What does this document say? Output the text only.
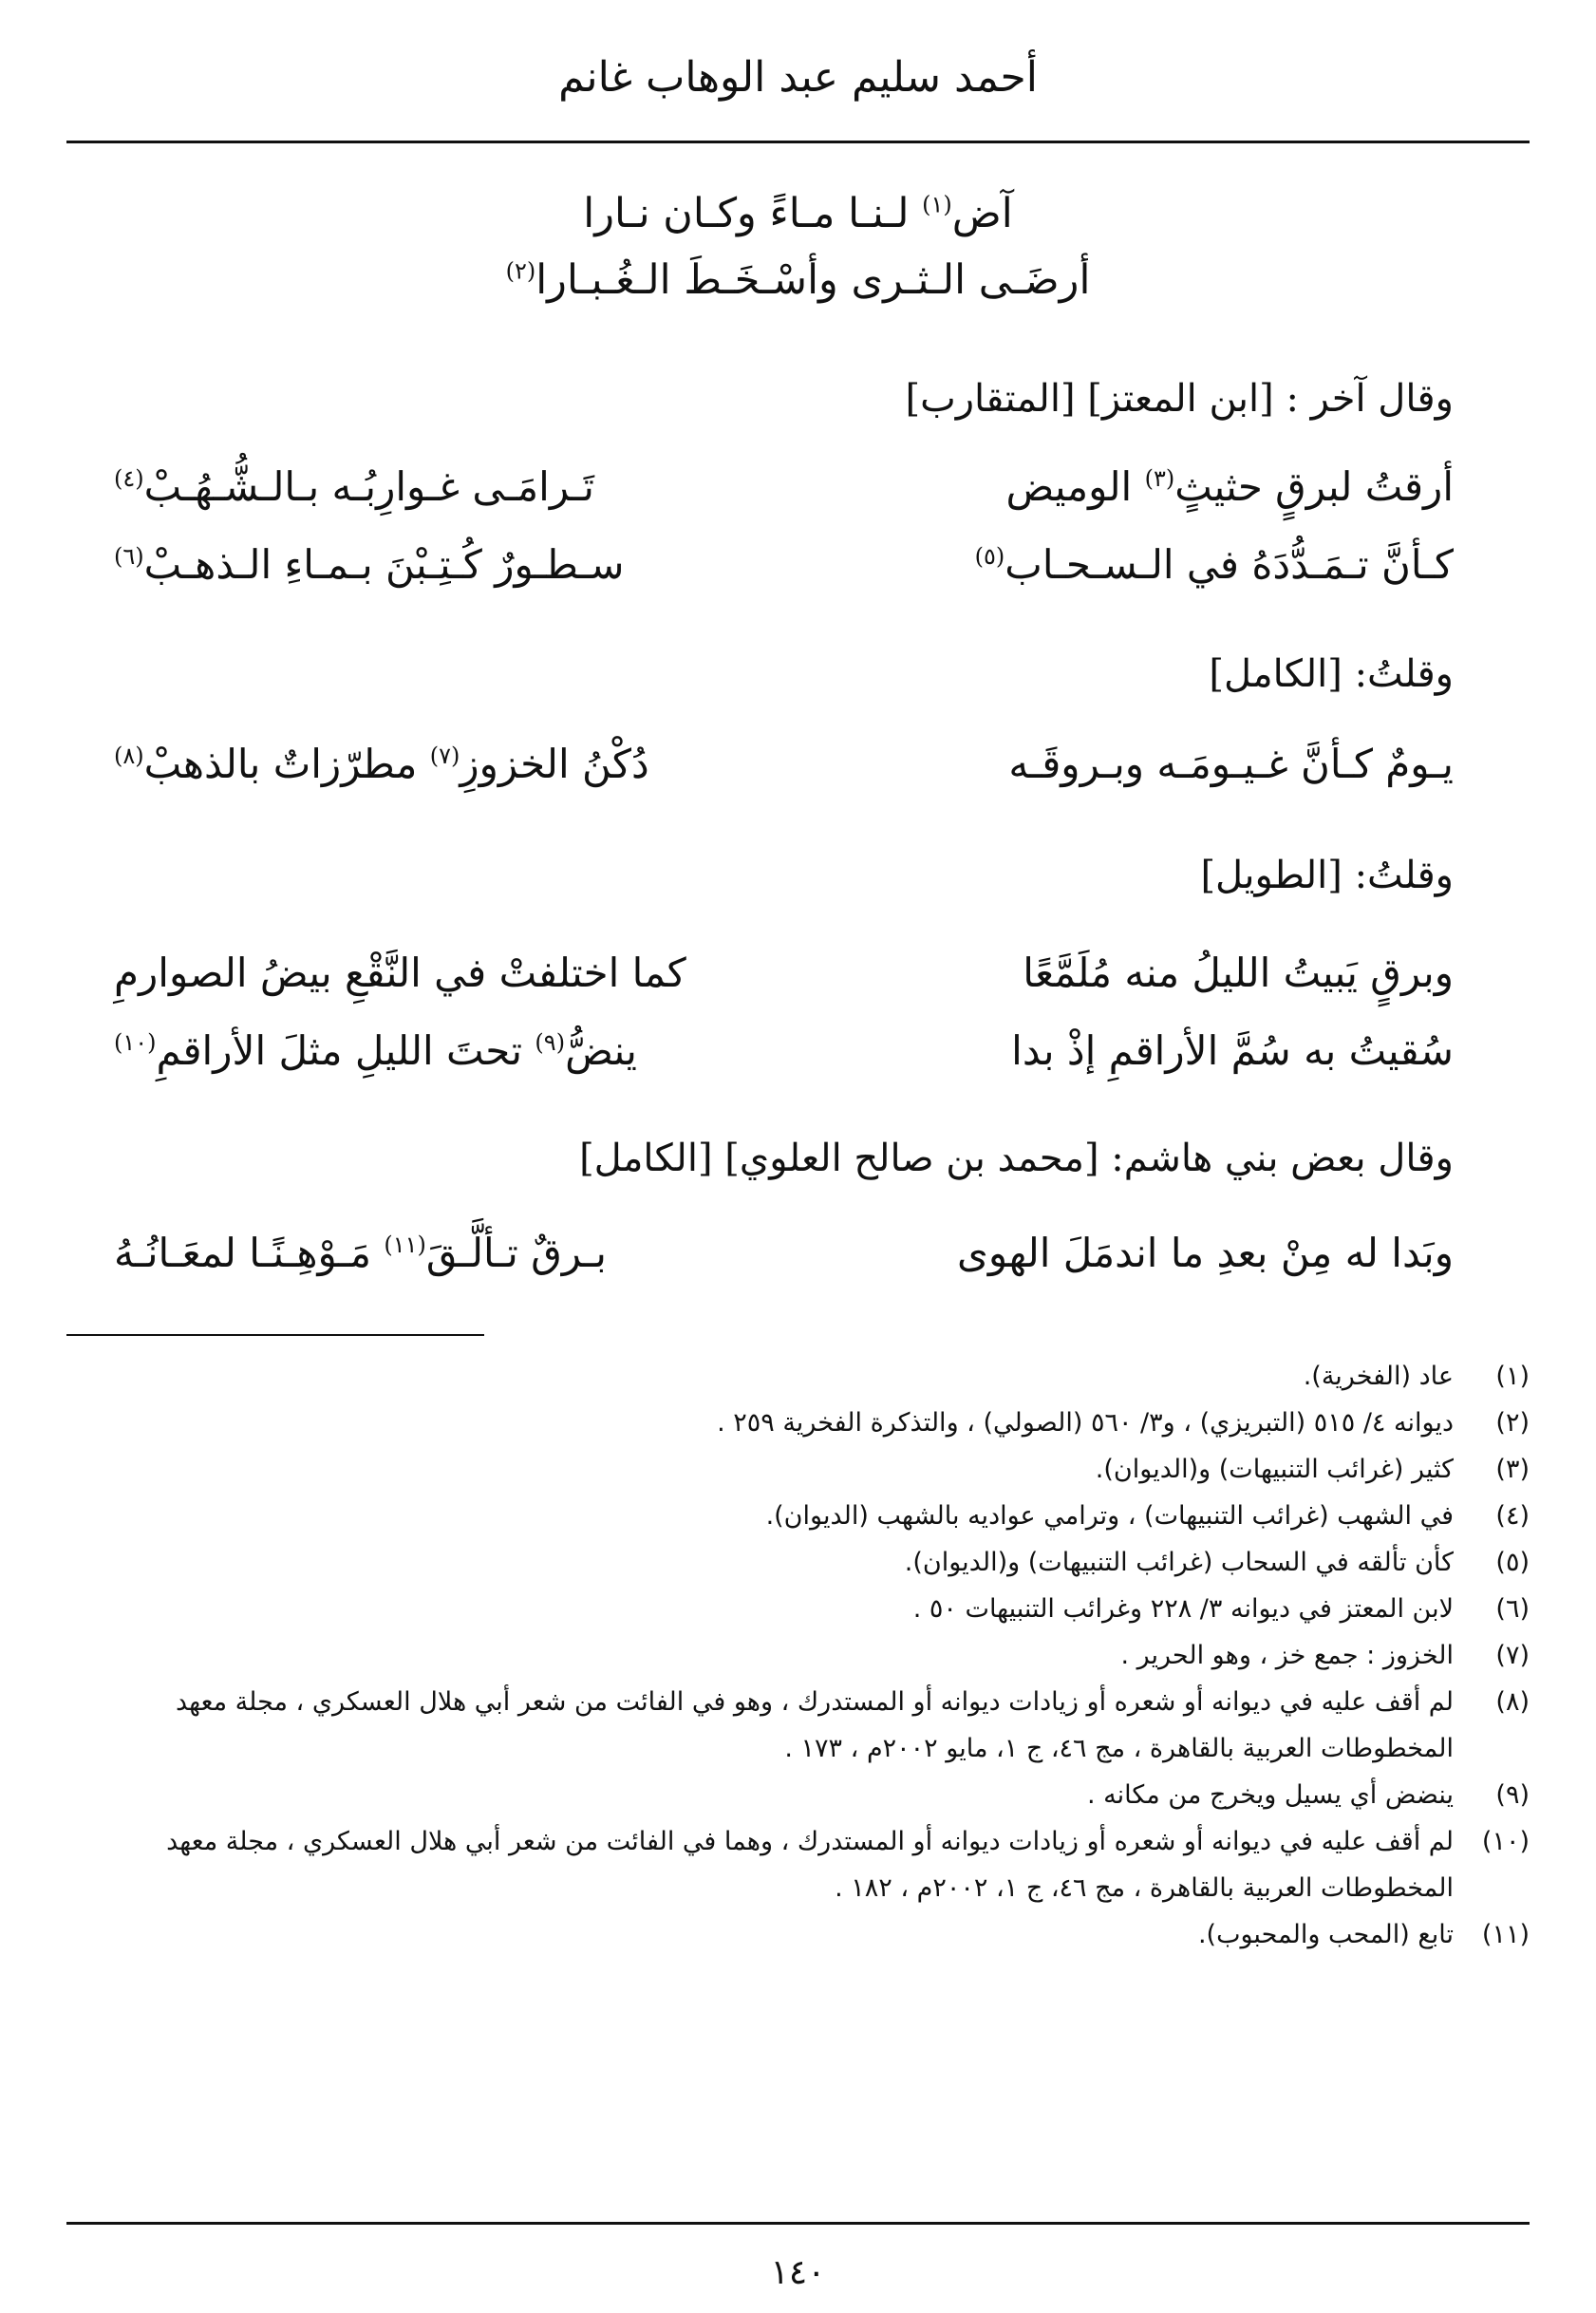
أحمد سليم عبد الوهاب غانم
آض$^{(١)}$ لـنـا مـاءً وكـان نـارا
أرضَـى الـثـرى وأسْـخَـطَ الـغُـبـارا$^{(٢)}$
وقال آخر : [ابن المعتز] [المتقارب]
أرقتُ لبرقٍ حثيثٍ$^{(٣)}$ الوميض
تَـرامَـى غـوارِبُـه بـالـشُّـهُـبْ$^{(٤)}$
كـأنَّ تـمَـدُّدَهُ في الـسـحـاب$^{(٥)}$
سـطـورٌ كُـتِـبْنَ بـمـاءِ الـذهـبْ$^{(٦)}$
وقلتُ: [الكامل]
يـومٌ كـأنَّ غـيـومَـه وبـروقَـه
دُكْنُ الخزوزِ$^{(٧)}$ مطرّزاتٌ بالذهبْ$^{(٨)}$
وقلتُ: [الطويل]
وبرقٍ يَبيتُ الليلُ منه مُلَمَّعًا
كما اختلفتْ في النَّقْعِ بيضُ الصوارمِ
سُقيتُ به سُمَّ الأراقمِ إذْ بدا
ينضُّ$^{(٩)}$ تحتَ الليلِ مثلَ الأراقمِ$^{(١٠)}$
وقال بعض بني هاشم: [محمد بن صالح العلوي] [الكامل]
وبَدا له مِنْ بعدِ ما اندمَلَ الهوى
بـرقٌ تـألَّـقَ$^{(١١)}$ مَـوْهِـنًـا لمعَـانُـهُ
(١)
عاد (الفخرية).
(٢)
ديوانه ٤/ ٥١٥ (التبريزي) ، و٣/ ٥٦٠ (الصولي) ، والتذكرة الفخرية ٢٥٩ .
(٣)
كثير (غرائب التنبيهات) و(الديوان).
(٤)
في الشهب (غرائب التنبيهات) ، وترامي عواديه بالشهب (الديوان).
(٥)
كأن تألقه في السحاب (غرائب التنبيهات) و(الديوان).
(٦)
لابن المعتز في ديوانه ٣/ ٢٢٨ وغرائب التنبيهات ٥٠ .
(٧)
الخزوز : جمع خز ، وهو الحرير .
(٨)
لم أقف عليه في ديوانه أو شعره أو زيادات ديوانه أو المستدرك ، وهو في الفائت من شعر أبي هلال العسكري ، مجلة معهد المخطوطات العربية بالقاهرة ، مج ٤٦، ج ١، مايو ٢٠٠٢م ، ١٧٣ .
(٩)
ينضض أي يسيل ويخرج من مكانه .
(١٠)
لم أقف عليه في ديوانه أو شعره أو زيادات ديوانه أو المستدرك ، وهما في الفائت من شعر أبي هلال العسكري ، مجلة معهد المخطوطات العربية بالقاهرة ، مج ٤٦، ج ١، ٢٠٠٢م ، ١٨٢ .
(١١)
تابع (المحب والمحبوب).
١٤٠
